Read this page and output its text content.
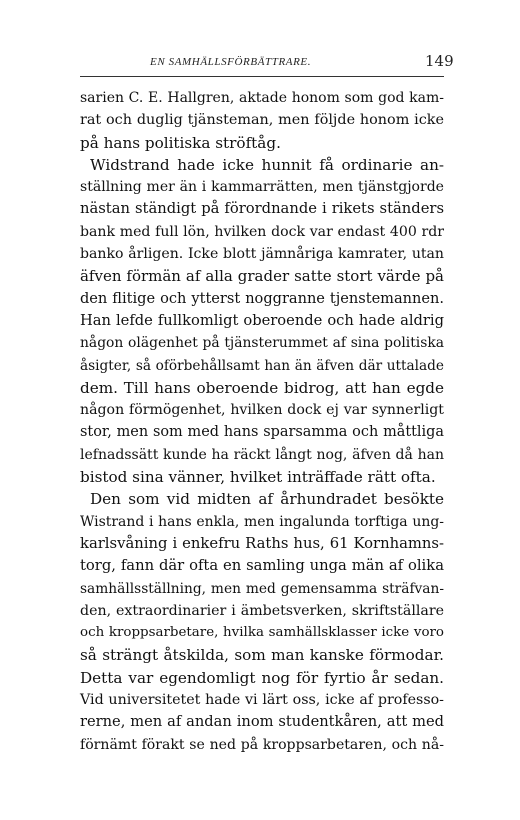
EN SAMHÄLLSFÖRBÄTTRARE.	149
sarien C. E. Hallgren, aktade honom som god kam-
rat och duglig tjänsteman, men följde honom icke
på hans politiska ströftåg.
Widstrand hade icke hunnit få ordinarie an-
ställning mer än i kammarrätten, men tjänstgjorde
nästan ständigt på förordnande i rikets ständers
bank med full lön, hvilken dock var endast 400 rdr
banko årligen. Icke blott jämnåriga kamrater, utan
äfven förmän af alla grader satte stort värde på
den flitige och ytterst noggranne tjenstemannen.
Han lefde fullkomligt oberoende och hade aldrig
någon olägenhet på tjänsterummet af sina politiska
åsigter, så oförbehållsamt han än äfven där uttalade
dem. Till hans oberoende bidrog, att han egde
någon förmögenhet, hvilken dock ej var synnerligt
stor, men som med hans sparsamma och måttliga
lefnadssätt kunde ha räckt långt nog, äfven då han
bistod sina vänner, hvilket inträffade rätt ofta.
Den som vid midten af århundradet besökte
Wistrand i hans enkla, men ingalunda torftiga ung-
karlsvåning i enkefru Raths hus, 61 Kornhamns-
torg, fann där ofta en samling unga män af olika
samhällsställning, men med gemensamma sträfvan-
den, extraordinarier i ämbetsverken, skriftställare
och kroppsarbetare, hvilka samhällsklasser icke voro
så strängt åtskilda, som man kanske förmodar.
Detta var egendomligt nog för fyrtio år sedan.
Vid universitetet hade vi lärt oss, icke af professo-
rerne, men af andan inom studentkåren, att med
förnämt förakt se ned på kroppsarbetaren, och nå-
